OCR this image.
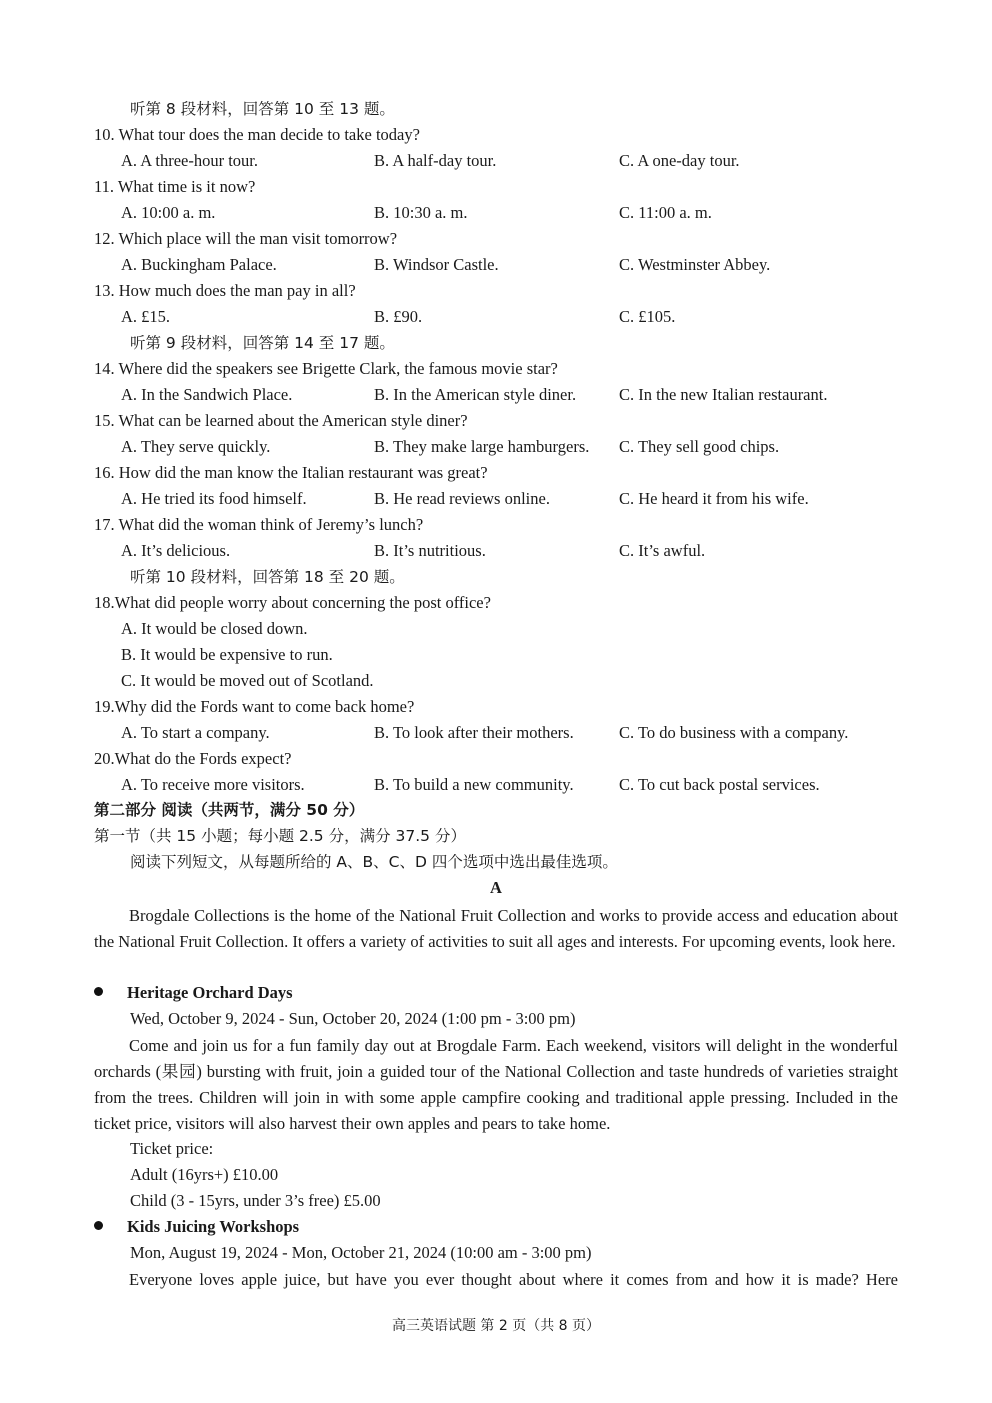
听第 8 段材料，回答第 10 至 13 题。
10. What tour does the man decide to take today?
A. A three-hour tour.	B. A half-day tour.	C. A one-day tour.
11. What time is it now?
A. 10:00 a. m.	B. 10:30 a. m.	C. 11:00 a. m.
12. Which place will the man visit tomorrow?
A. Buckingham Palace.	B. Windsor Castle.	C. Westminster Abbey.
13. How much does the man pay in all?
A. £15.	B. £90.	C. £105.
听第 9 段材料，回答第 14 至 17 题。
14. Where did the speakers see Brigette Clark, the famous movie star?
A. In the Sandwich Place.	B. In the American style diner.	C. In the new Italian restaurant.
15. What can be learned about the American style diner?
A. They serve quickly.	B. They make large hamburgers. C. They sell good chips.
16. How did the man know the Italian restaurant was great?
A. He tried its food himself.	B. He read reviews online.	C. He heard it from his wife.
17. What did the woman think of Jeremy’s lunch?
A. It’s delicious.	B. It’s nutritious.	C. It’s awful.
听第 10 段材料，回答第 18 至 20 题。
18.What did people worry about concerning the post office?
A. It would be closed down.
B. It would be expensive to run.
C. It would be moved out of Scotland.
19.Why did the Fords want to come back home?
A. To start a company.	B. To look after their mothers.	C. To do business with a company.
20.What do the Fords expect?
A. To receive more visitors.	B. To build a new community.	C. To cut back postal services.
第二部分 阅读（共两节，满分 50 分）
第一节（共 15 小题；每小题 2.5 分，满分 37.5 分）
阅读下列短文，从每题所给的 A、B、C、D 四个选项中选出最佳选项。
A
Brogdale Collections is the home of the National Fruit Collection and works to provide access and education about the National Fruit Collection. It offers a variety of activities to suit all ages and interests. For upcoming events, look here.
Heritage Orchard Days
Wed, October 9, 2024 - Sun, October 20, 2024 (1:00 pm - 3:00 pm)
Come and join us for a fun family day out at Brogdale Farm. Each weekend, visitors will delight in the wonderful orchards (果园) bursting with fruit, join a guided tour of the National Collection and taste hundreds of varieties straight from the trees. Children will join in with some apple campfire cooking and traditional apple pressing. Included in the ticket price, visitors will also harvest their own apples and pears to take home.
Ticket price:
Adult (16yrs+) £10.00
Child (3 - 15yrs, under 3’s free) £5.00
Kids Juicing Workshops
Mon, August 19, 2024 - Mon, October 21, 2024 (10:00 am - 3:00 pm)
Everyone loves apple juice, but have you ever thought about where it comes from and how it is made? Here
高三英语试题 第 2 页（共 8 页）
